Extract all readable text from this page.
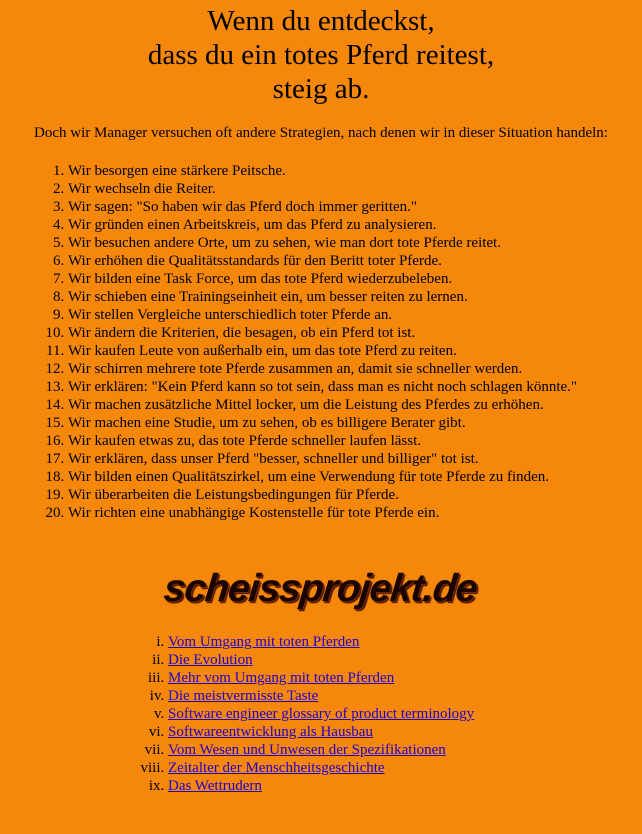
Wenn du entdeckst,
dass du ein totes Pferd reitest,
steig ab.

Doch wir Manager versuchen oft andere Strategien, nach denen wir in dieser Situation handeln:

1. Wir besorgen eine stärkere Peitsche.
2. Wir wechseln die Reiter.
3. Wir sagen: "So haben wir das Pferd doch immer geritten."
4. Wir gründen einen Arbeitskreis, um das Pferd zu analysieren.
5. Wir besuchen andere Orte, um zu sehen, wie man dort tote Pferde reitet.
6. Wir erhöhen die Qualitätsstandards für den Beritt toter Pferde.
7. Wir bilden eine Task Force, um das tote Pferd wiederzubeleben.
8. Wir schieben eine Trainingseinheit ein, um besser reiten zu lernen.
9. Wir stellen Vergleiche unterschiedlich toter Pferde an.
10. Wir ändern die Kriterien, die besagen, ob ein Pferd tot ist.
11. Wir kaufen Leute von außerhalb ein, um das tote Pferd zu reiten.
12. Wir schirren mehrere tote Pferde zusammen an, damit sie schneller werden.
13. Wir erklären: "Kein Pferd kann so tot sein, dass man es nicht noch schlagen könnte."
14. Wir machen zusätzliche Mittel locker, um die Leistung des Pferdes zu erhöhen.
15. Wir machen eine Studie, um zu sehen, ob es billigere Berater gibt.
16. Wir kaufen etwas zu, das tote Pferde schneller laufen lässt.
17. Wir erklären, dass unser Pferd "besser, schneller und billiger" tot ist.
18. Wir bilden einen Qualitätszirkel, um eine Verwendung für tote Pferde zu finden.
19. Wir überarbeiten die Leistungsbedingungen für Pferde.
20. Wir richten eine unabhängige Kostenstelle für tote Pferde ein.
scheissprojekt.de
i. Vom Umgang mit toten Pferden
ii. Die Evolution
iii. Mehr vom Umgang mit toten Pferden
iv. Die meistvermisste Taste
v. Software engineer glossary of product terminology
vi. Softwareentwicklung als Hausbau
vii. Vom Wesen und Unwesen der Spezifikationen
viii. Zeitalter der Menschheitsgeschichte
ix. Das Wettrudern
